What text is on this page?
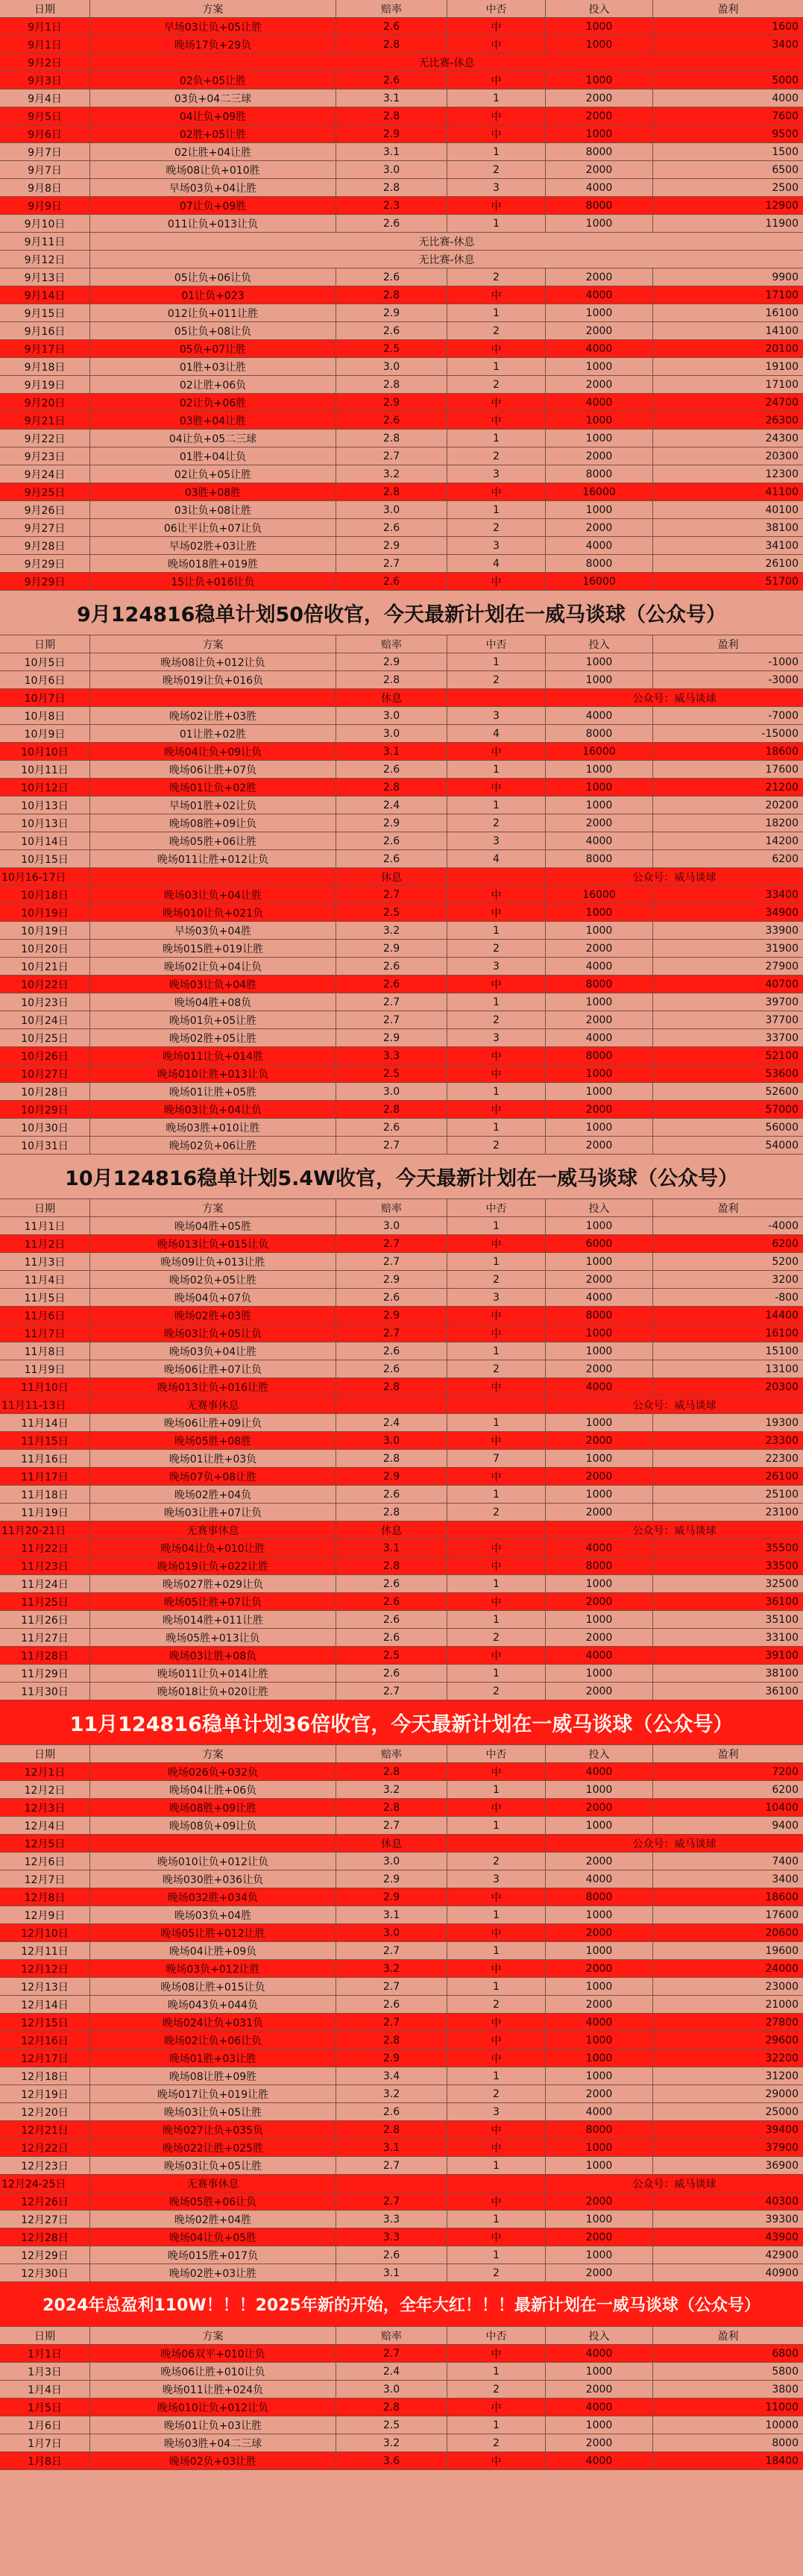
日期	方案	赔率	中否	投入	盈利
9月1日	早场03让负+05让胜	2.6	中	1000	1600
9月1日	晚场17负+29负	2.8	中	1000	3400
9月2日	无比赛-休息
9月3日	02负+05让胜	2.6	中	1000	5000
9月4日	03负+04二三球	3.1	1	2000	4000
9月5日	04让负+09胜	2.8	中	2000	7600
9月6日	02胜+05让胜	2.9	中	1000	9500
9月7日	02让胜+04让胜	3.1	1	8000	1500
9月7日	晚场08让负+010胜	3.0	2	2000	6500
9月8日	早场03负+04让胜	2.8	3	4000	2500
9月9日	07让负+09胜	2.3	中	8000	12900
9月10日	011让负+013让负	2.6	1	1000	11900
9月11日	无比赛-休息
9月12日	无比赛-休息
9月13日	05让负+06让负	2.6	2	2000	9900
9月14日	01让负+023	2.8	中	4000	17100
9月15日	012让负+011让胜	2.9	1	1000	16100
9月16日	05让负+08让负	2.6	2	2000	14100
9月17日	05负+07让胜	2.5	中	4000	20100
9月18日	01胜+03让胜	3.0	1	1000	19100
9月19日	02让胜+06负	2.8	2	2000	17100
9月20日	02让负+06胜	2.9	中	4000	24700
9月21日	03胜+04让胜	2.6	中	1000	26300
9月22日	04让负+05二三球	2.8	1	1000	24300
9月23日	01胜+04让负	2.7	2	2000	20300
9月24日	02让负+05让胜	3.2	3	8000	12300
9月25日	03胜+08胜	2.8	中	16000	41100
9月26日	03让负+08让胜	3.0	1	1000	40100
9月27日	06让平让负+07让负	2.6	2	2000	38100
9月28日	早场02胜+03让胜	2.9	3	4000	34100
9月29日	晚场018胜+019胜	2.7	4	8000	26100
9月29日	15让负+016让负	2.6	中	16000	51700
9月124816稳单计划50倍收官，今天最新计划在一威马谈球（公众号）
日期	方案	赔率	中否	投入	盈利
10月5日	晚场08让负+012让负	2.9	1	1000	-1000
10月6日	晚场019让负+016负	2.8	2	1000	-3000
10月7日	休息	公众号：威马谈球
10月8日	晚场02让胜+03胜	3.0	3	4000	-7000
10月9日	01让胜+02胜	3.0	4	8000	-15000
10月10日	晚场04让负+09让负	3.1	中	16000	18600
10月11日	晚场06让胜+07负	2.6	1	1000	17600
10月12日	晚场01让负+02胜	2.8	中	1000	21200
10月13日	早场01胜+02让负	2.4	1	1000	20200
10月13日	晚场08胜+09让负	2.9	2	2000	18200
10月14日	晚场05胜+06让胜	2.6	3	4000	14200
10月15日	晚场011让胜+012让负	2.6	4	8000	6200
10月16-17日	休息	公众号：威马谈球
10月18日	晚场03让负+04让胜	2.7	中	16000	33400
10月19日	晚场010让负+021负	2.5	中	1000	34900
10月19日	早场03负+04胜	3.2	1	1000	33900
10月20日	晚场015胜+019让胜	2.9	2	2000	31900
10月21日	晚场02让负+04让负	2.6	3	4000	27900
10月22日	晚场03让负+04胜	2.6	中	8000	40700
10月23日	晚场04胜+08负	2.7	1	1000	39700
10月24日	晚场01负+05让胜	2.7	2	2000	37700
10月25日	晚场02胜+05让胜	2.9	3	4000	33700
10月26日	晚场011让负+014胜	3.3	中	8000	52100
10月27日	晚场010让胜+013让负	2.5	中	1000	53600
10月28日	晚场01让胜+05胜	3.0	1	1000	52600
10月29日	晚场03让负+04让负	2.8	中	2000	57000
10月30日	晚场03胜+010让胜	2.6	1	1000	56000
10月31日	晚场02负+06让胜	2.7	2	2000	54000
10月124816稳单计划5.4W收官，今天最新计划在一威马谈球（公众号）
日期	方案	赔率	中否	投入	盈利
11月1日	晚场04胜+05胜	3.0	1	1000	-4000
11月2日	晚场013让负+015让负	2.7	中	6000	6200
11月3日	晚场09让负+013让胜	2.7	1	1000	5200
11月4日	晚场02负+05让胜	2.9	2	2000	3200
11月5日	晚场04负+07负	2.6	3	4000	-800
11月6日	晚场02胜+03胜	2.9	中	8000	14400
11月7日	晚场03让负+05让负	2.7	中	1000	16100
11月8日	晚场03负+04让胜	2.6	1	1000	15100
11月9日	晚场06让胜+07让负	2.6	2	2000	13100
11月10日	晚场013让负+016让胜	2.8	中	4000	20300
11月11-13日	无赛事休息	公众号：威马谈球
11月14日	晚场06让胜+09让负	2.4	1	1000	19300
11月15日	晚场05胜+08胜	3.0	中	2000	23300
11月16日	晚场01让胜+03负	2.8	7	1000	22300
11月17日	晚场07负+08让胜	2.9	中	2000	26100
11月18日	晚场02胜+04负	2.6	1	1000	25100
11月19日	晚场03让胜+07让负	2.8	2	2000	23100
11月20-21日	无赛事休息	休息	公众号：威马谈球
11月22日	晚场04让负+010让胜	3.1	中	4000	35500
11月23日	晚场019让负+022让胜	2.8	中	8000	33500
11月24日	晚场027胜+029让负	2.6	1	1000	32500
11月25日	晚场05让胜+07让负	2.6	中	2000	36100
11月26日	晚场014胜+011让胜	2.6	1	1000	35100
11月27日	晚场05胜+013让负	2.6	2	2000	33100
11月28日	晚场03让胜+08负	2.5	中	4000	39100
11月29日	晚场011让负+014让胜	2.6	1	1000	38100
11月30日	晚场018让负+020让胜	2.7	2	2000	36100
11月124816稳单计划36倍收官，今天最新计划在一威马谈球（公众号）
日期	方案	赔率	中否	投入	盈利
12月1日	晚场026负+032负	2.8	中	4000	7200
12月2日	晚场04让胜+06负	3.2	1	1000	6200
12月3日	晚场08胜+09让胜	2.8	中	2000	10400
12月4日	晚场08负+09让负	2.7	1	1000	9400
12月5日	休息	公众号：威马谈球
12月6日	晚场010让负+012让负	3.0	2	2000	7400
12月7日	晚场030胜+036让负	2.9	3	4000	3400
12月8日	晚场032胜+034负	2.9	中	8000	18600
12月9日	晚场03负+04胜	3.1	1	1000	17600
12月10日	晚场05让胜+012让胜	3.0	中	2000	20600
12月11日	晚场04让胜+09负	2.7	1	1000	19600
12月12日	晚场03负+012让胜	3.2	中	2000	24000
12月13日	晚场08让胜+015让负	2.7	1	1000	23000
12月14日	晚场043负+044负	2.6	2	2000	21000
12月15日	晚场024让负+031负	2.7	中	4000	27800
12月16日	晚场02让负+06让负	2.8	中	1000	29600
12月17日	晚场01胜+03让胜	2.9	中	1000	32200
12月18日	晚场08让胜+09胜	3.4	1	1000	31200
12月19日	晚场017让负+019让胜	3.2	2	2000	29000
12月20日	晚场03让负+05让胜	2.6	3	4000	25000
12月21日	晚场027让负+035负	2.8	中	8000	39400
12月22日	晚场022让胜+025胜	3.1	中	1000	37900
12月23日	晚场03让负+05让胜	2.7	1	1000	36900
12月24-25日	无赛事休息	公众号：威马谈球
12月26日	晚场05胜+06让负	2.7	中	2000	40300
12月27日	晚场02胜+04胜	3.3	1	1000	39300
12月28日	晚场04让负+05胜	3.3	中	2000	43900
12月29日	晚场015胜+017负	2.6	1	1000	42900
12月30日	晚场02胜+03让胜	3.1	2	2000	40900
2024年总盈利110W！！！2025年新的开始，全年大红！！！最新计划在一威马谈球（公众号）
日期	方案	赔率	中否	投入	盈利
1月1日	晚场06双平+010让负	2.7	中	4000	6800
1月3日	晚场06让胜+010让负	2.4	1	1000	5800
1月4日	晚场011让胜+024负	3.0	2	2000	3800
1月5日	晚场010让负+012让负	2.8	中	4000	11000
1月6日	晚场01让负+03让胜	2.5	1	1000	10000
1月7日	晚场03胜+04二三球	3.2	2	2000	8000
1月8日	晚场02负+03让胜	3.6	中	4000	18400
